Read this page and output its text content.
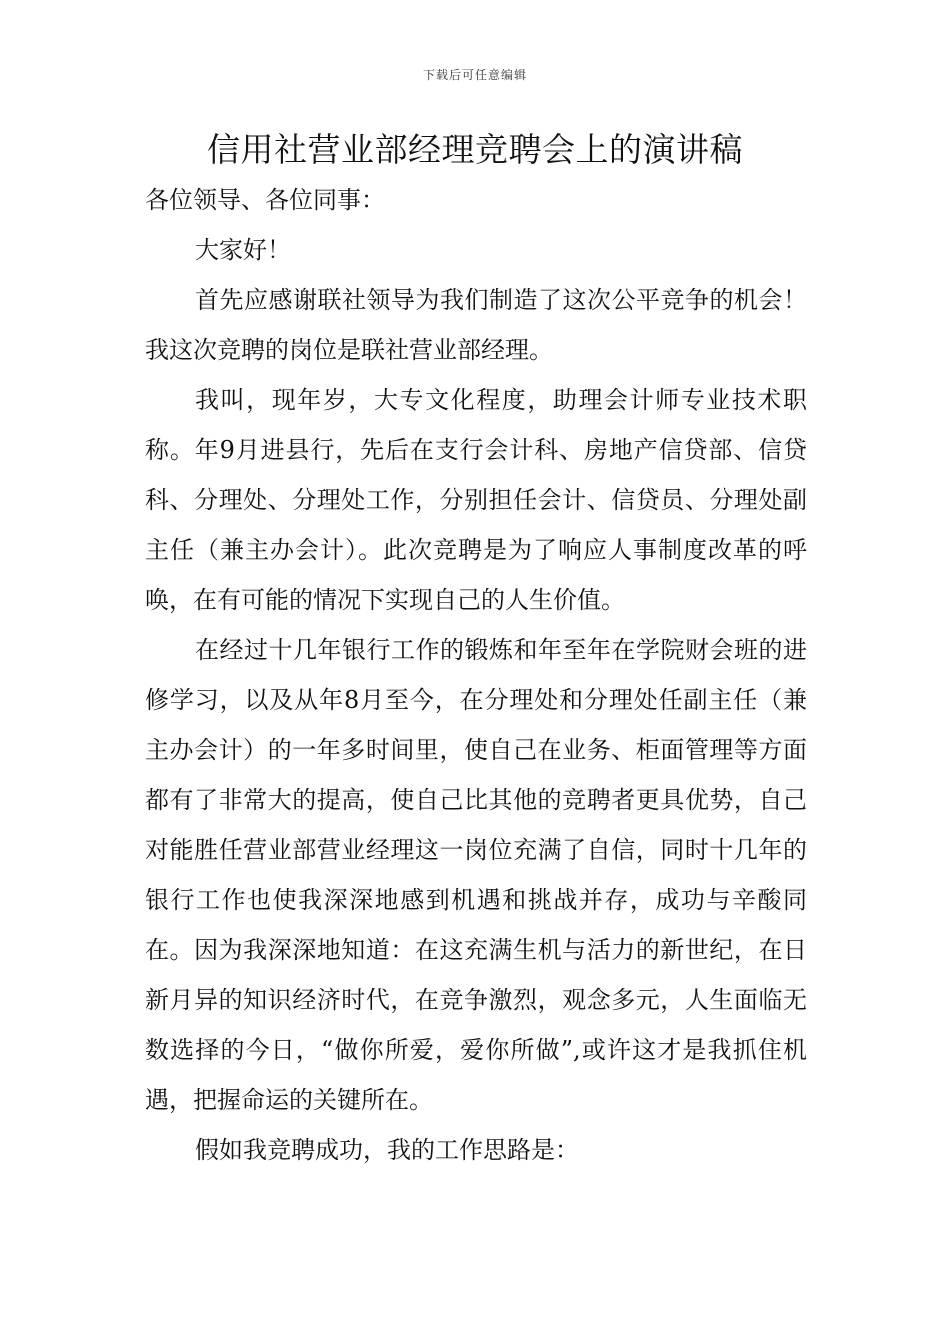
下载后可任意编辑
信用社营业部经理竞聘会上的演讲稿

各位领导、各位同事：

大家好！

首先应感谢联社领导为我们制造了这次公平竞争的机会！我这次竞聘的岗位是联社营业部经理。

我叫，现年岁，大专文化程度，助理会计师专业技术职称。年9月进县行，先后在支行会计科、房地产信贷部、信贷科、分理处、分理处工作，分别担任会计、信贷员、分理处副主任（兼主办会计）。此次竞聘是为了响应人事制度改革的呼唤，在有可能的情况下实现自己的人生价值。

在经过十几年银行工作的锻炼和年至年在学院财会班的进修学习，以及从年8月至今，在分理处和分理处任副主任（兼主办会计）的一年多时间里，使自己在业务、柜面管理等方面都有了非常大的提高，使自己比其他的竞聘者更具优势，自己对能胜任营业部营业经理这一岗位充满了自信，同时十几年的银行工作也使我深深地感到机遇和挑战并存，成功与辛酸同在。因为我深深地知道：在这充满生机与活力的新世纪，在日新月异的知识经济时代，在竞争激烈，观念多元，人生面临无数选择的今日，“做你所爱，爱你所做”,或许这才是我抓住机遇，把握命运的关键所在。

假如我竞聘成功，我的工作思路是：
